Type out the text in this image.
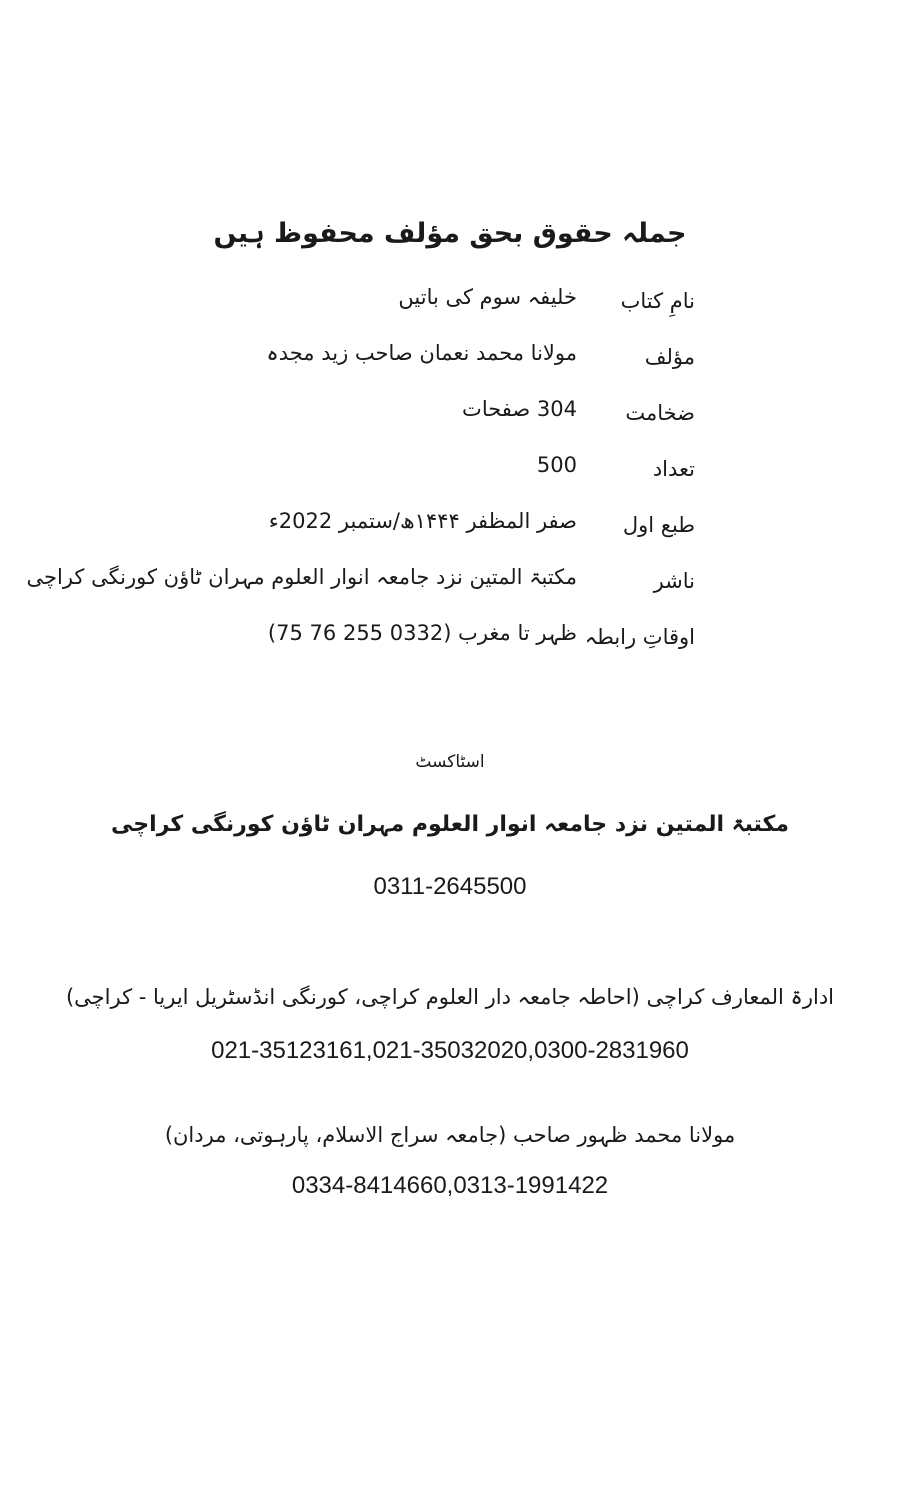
جملہ حقوق بحق مؤلف محفوظ ہیں
نامِ کتاب
خلیفہ سوم کی باتیں
مؤلف
مولانا محمد نعمان صاحب زید مجدہ
ضخامت
304 صفحات
تعداد
500
طبع اول
صفر المظفر ۱۴۴۴ھ/ستمبر 2022ء
ناشر
مکتبۃ المتین نزد جامعہ انوار العلوم مہران ٹاؤن کورنگی کراچی
اوقاتِ رابطہ
ظہر تا مغرب (0332 255 76 75)
اسٹاکسٹ
مکتبۃ المتین نزد جامعہ انوار العلوم مہران ٹاؤن کورنگی کراچی
0311-2645500
ادارۃ المعارف کراچی (احاطہ جامعہ دار العلوم کراچی، کورنگی انڈسٹریل ایریا - کراچی)
021-35123161,021-35032020,0300-2831960
مولانا محمد ظہور صاحب (جامعہ سراج الاسلام، پارہوتی، مردان)
0334-8414660,0313-1991422
